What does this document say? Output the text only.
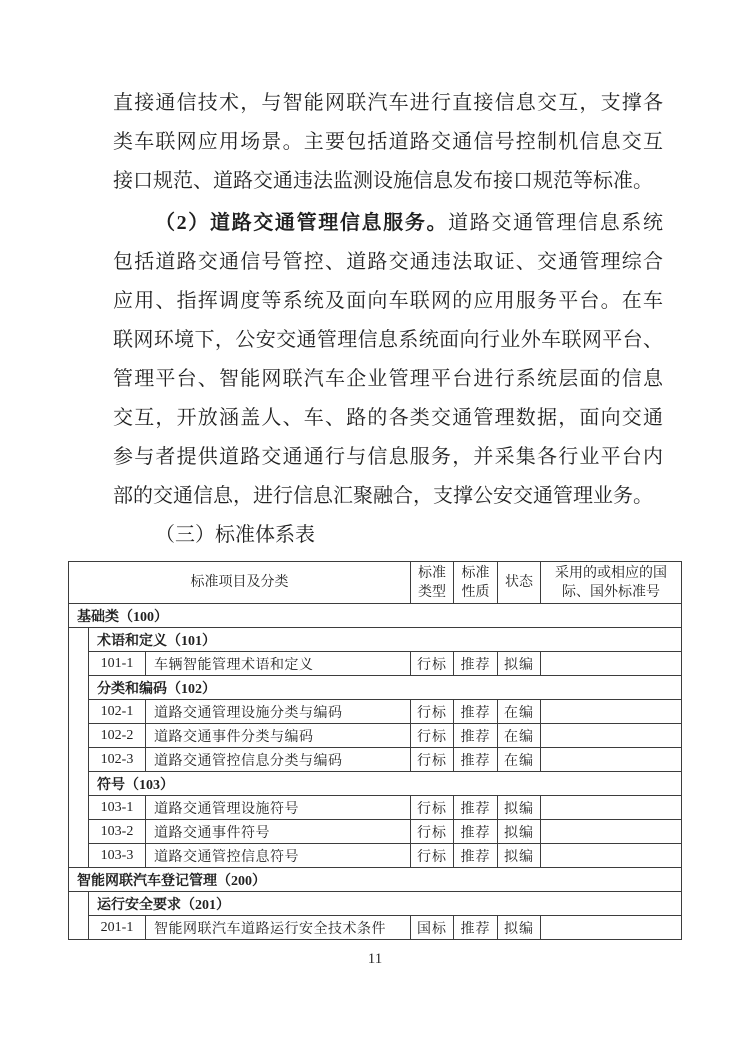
直接通信技术，与智能网联汽车进行直接信息交互，支撑各
类车联网应用场景。主要包括道路交通信号控制机信息交互
接口规范、道路交通违法监测设施信息发布接口规范等标准。
（2）道路交通管理信息服务。道路交通管理信息系统
包括道路交通信号管控、道路交通违法取证、交通管理综合
应用、指挥调度等系统及面向车联网的应用服务平台。在车
联网环境下，公安交通管理信息系统面向行业外车联网平台、
管理平台、智能网联汽车企业管理平台进行系统层面的信息
交互，开放涵盖人、车、路的各类交通管理数据，面向交通
参与者提供道路交通通行与信息服务，并采集各行业平台内
部的交通信息，进行信息汇聚融合，支撑公安交通管理业务。
（三）标准体系表
标准项目及分类			标准类型	标准性质	状态	采用的或相应的国际、国外标准号
基础类（100）						
	术语和定义（101）					
	101-1	车辆智能管理术语和定义	行标	推荐	拟编	
	分类和编码（102）					
	102-1	道路交通管理设施分类与编码	行标	推荐	在编	
	102-2	道路交通事件分类与编码	行标	推荐	在编	
	102-3	道路交通管控信息分类与编码	行标	推荐	在编	
	符号（103）					
	103-1	道路交通管理设施符号	行标	推荐	拟编	
	103-2	道路交通事件符号	行标	推荐	拟编	
	103-3	道路交通管控信息符号	行标	推荐	拟编	
智能网联汽车登记管理（200）						
	运行安全要求（201）					
	201-1	智能网联汽车道路运行安全技术条件	国标	推荐	拟编	
11
